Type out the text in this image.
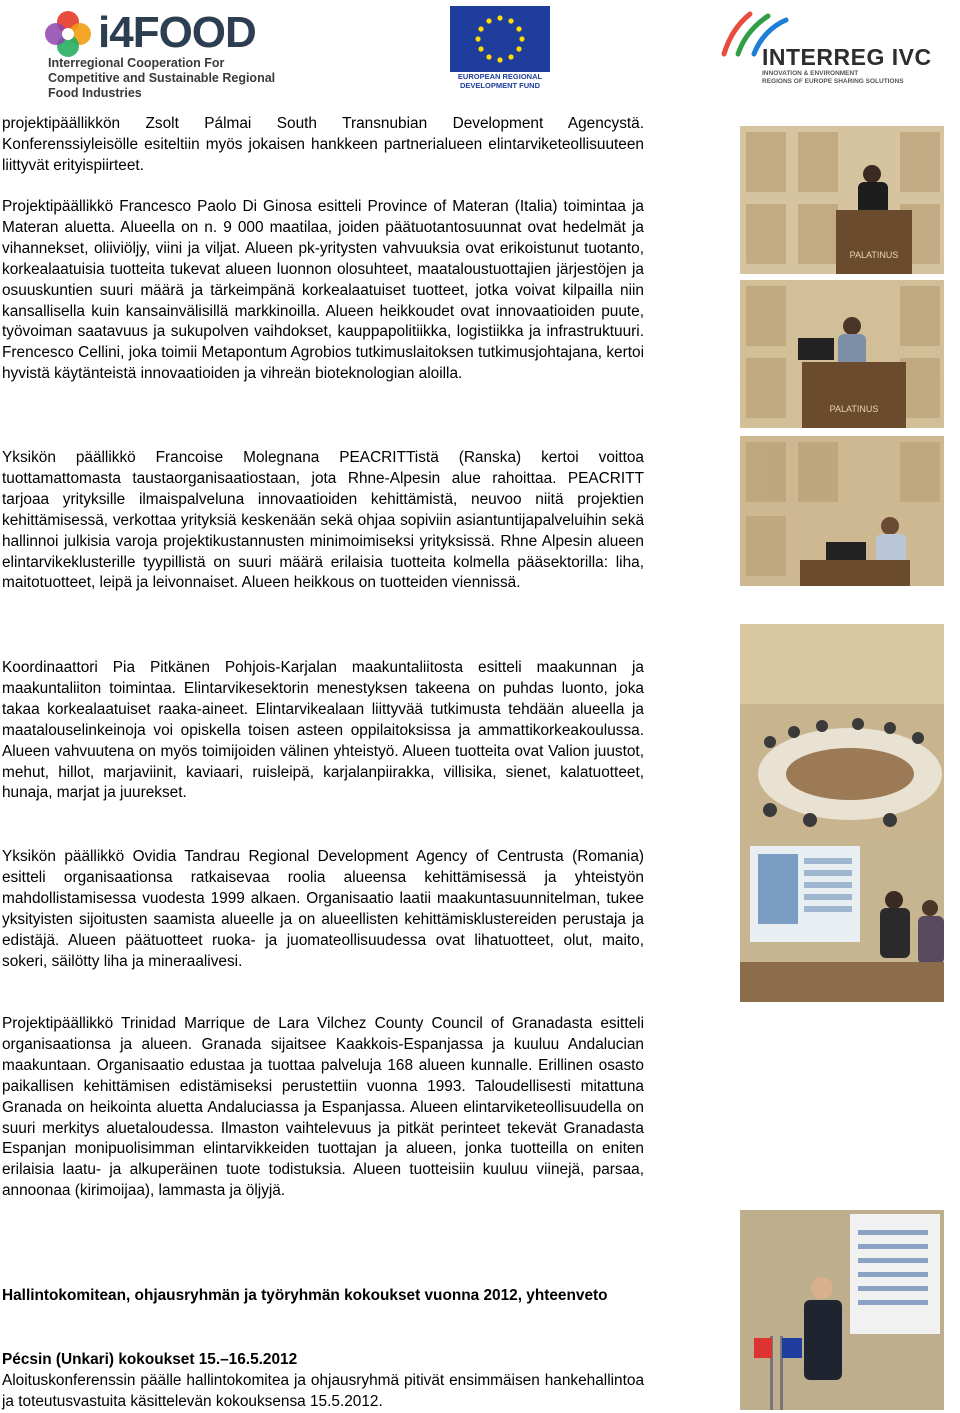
i4FOOD
Interregional Cooperation For Competitive and Sustainable Regional Food Industries
EUROPEAN REGIONAL
DEVELOPMENT FUND
INTERREG IVC
INNOVATION & ENVIRONMENT
REGIONS OF EUROPE SHARING SOLUTIONS

projektipäällikkön Zsolt Pálmai South Transnubian Development Agencystä. Konferenssiyleisölle esiteltiin myös jokaisen hankkeen partnerialueen elintarviketeollisuuteen liittyvät erityispiirteet.

Projektipäällikkö Francesco Paolo Di Ginosa esitteli Province of Materan (Italia) toimintaa ja Materan aluetta. Alueella on n. 9 000 maatilaa, joiden päätuotantosuunnat ovat hedelmät ja vihannekset, oliiviöljy, viini ja viljat. Alueen pk-yritysten vahvuuksia ovat erikoistunut tuotanto, korkealaatuisia tuotteita tukevat alueen luonnon olosuhteet, maataloustuottajien järjestöjen ja osuuskuntien suuri määrä ja tärkeimpänä korkealaatuiset tuotteet, jotka voivat kilpailla niin kansallisella kuin kansainvälisillä markkinoilla. Alueen heikkoudet ovat innovaatioiden puute, työvoiman saatavuus ja sukupolven vaihdokset, kauppapolitiikka, logistiikka ja infrastruktuuri. Frencesco Cellini, joka toimii Metapontum Agrobios tutkimuslaitoksen tutkimusjohtajana, kertoi hyvistä käytänteistä innovaatioiden ja vihreän bioteknologian aloilla.

Yksikön päällikkö Francoise Molegnana PEACRITTistä (Ranska) kertoi voittoa tuottamattomasta taustaorganisaatiostaan, jota Rhne-Alpesin alue rahoittaa. PEACRITT tarjoaa yrityksille ilmaispalveluna innovaatioiden kehittämistä, neuvoo niitä projektien kehittämisessä, verkottaa yrityksiä keskenään sekä ohjaa sopiviin asiantuntijapalveluihin sekä hallinnoi julkisia varoja projektikustannusten minimoimiseksi yrityksissä. Rhne Alpesin alueen elintarvikeklusterille tyypillistä on suuri määrä erilaisia tuotteita kolmella pääsektorilla: liha, maitotuotteet, leipä ja leivonnaiset. Alueen heikkous on tuotteiden viennissä.

Koordinaattori Pia Pitkänen Pohjois-Karjalan maakuntaliitosta esitteli maakunnan ja maakuntaliiton toimintaa. Elintarvikesektorin menestyksen takeena on puhdas luonto, joka takaa korkealaatuiset raaka-aineet. Elintarvikealaan liittyvää tutkimusta tehdään alueella ja maatalouselinkeinoja voi opiskella toisen asteen oppilaitoksissa ja ammattikorkeakoulussa. Alueen vahvuutena on myös toimijoiden välinen yhteistyö. Alueen tuotteita ovat Valion juustot, mehut, hillot, marjaviinit, kaviaari, ruisleipä, karjalanpiirakka, villisika, sienet, kalatuotteet, hunaja, marjat ja juurekset.

Yksikön päällikkö Ovidia Tandrau Regional Development Agency of Centrusta (Romania) esitteli organisaationsa ratkaisevaa roolia alueensa kehittämisessä ja yhteistyön mahdollistamisessa vuodesta 1999 alkaen. Organisaatio laatii maakuntasuunnitelman, tukee yksityisten sijoitusten saamista alueelle ja on alueellisten kehittämisklustereiden perustaja ja edistäjä. Alueen päätuotteet ruoka- ja juomateollisuudessa ovat lihatuotteet, olut, maito, sokeri, säilötty liha ja mineraalivesi.

Projektipäällikkö Trinidad Marrique de Lara Vilchez County Council of Granadasta esitteli organisaationsa ja alueen. Granada sijaitsee Kaakkois-Espanjassa ja kuuluu Andalucian maakuntaan. Organisaatio edustaa ja tuottaa palveluja 168 alueen kunnalle. Erillinen osasto paikallisen kehittämisen edistämiseksi perustettiin vuonna 1993. Taloudellisesti mitattuna Granada on heikointa aluetta Andaluciassa ja Espanjassa. Alueen elintarviketeollisuudella on suuri merkitys aluetaloudessa. Ilmaston vaihtelevuus ja pitkät perinteet tekevät Granadasta Espanjan monipuolisimman elintarvikkeiden tuottajan ja alueen, jonka tuotteilla on eniten erilaisia laatu- ja alkuperäinen tuote todistuksia. Alueen tuotteisiin kuuluu viinejä, parsaa, annoonaa (kirimoijaa), lammasta ja öljyjä.

Hallintokomitean, ohjausryhmän ja työryhmän kokoukset vuonna 2012, yhteenveto

Pécsin (Unkari) kokoukset 15.–16.5.2012

Aloituskonferenssin päälle hallintokomitea ja ohjausryhmä pitivät ensimmäisen hankehallintoa ja toteutusvastuita käsittelevän kokouksensa 15.5.2012.

PALATINUS
PALATINUS
